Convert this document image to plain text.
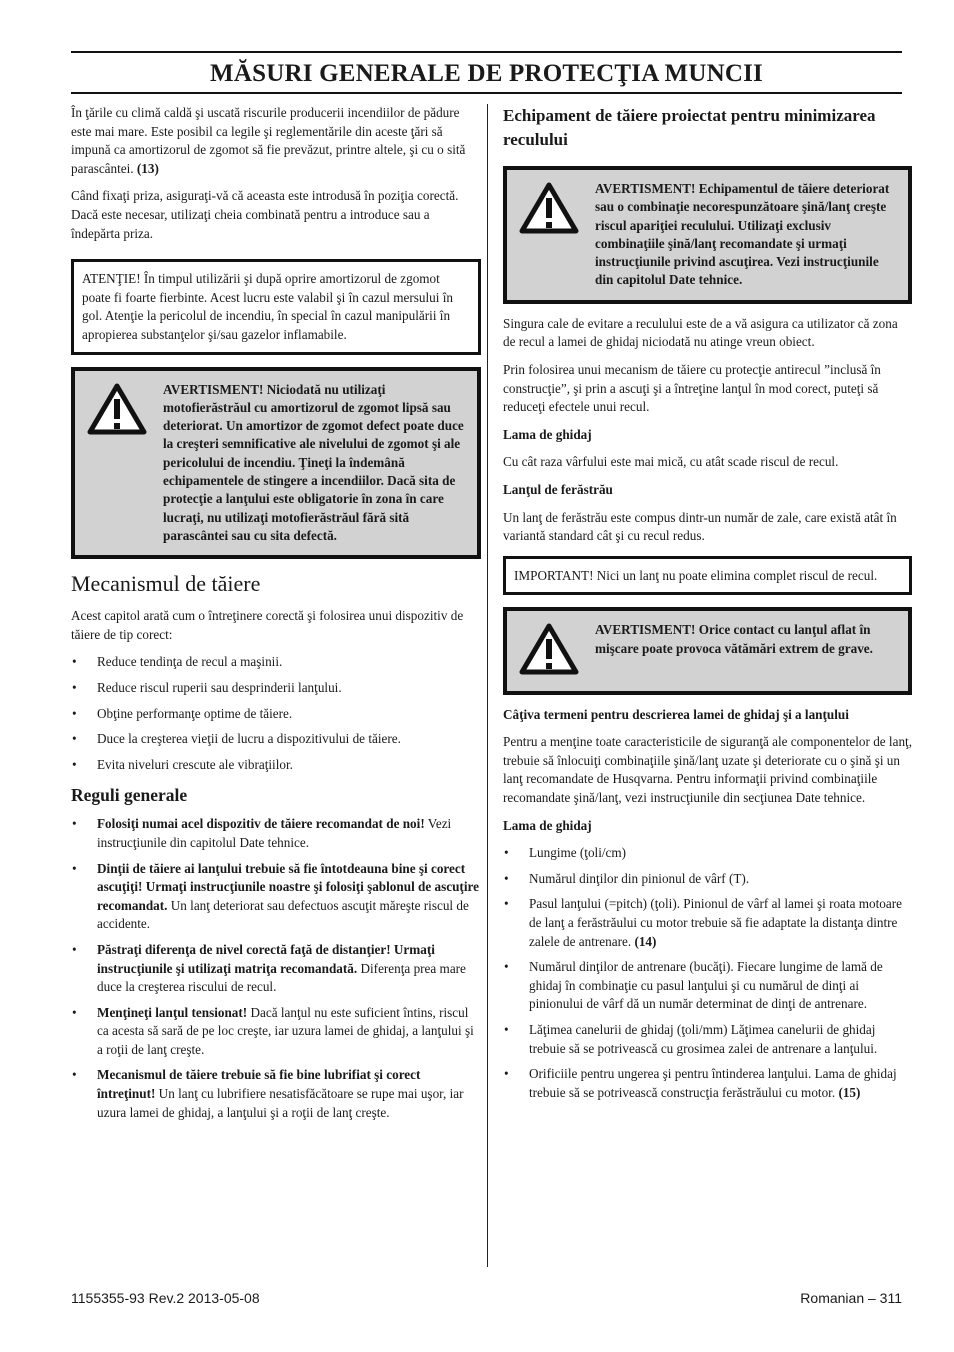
MĂSURI GENERALE DE PROTECŢIA MUNCII

În ţările cu climă caldă şi uscată riscurile producerii incendiilor de pădure este mai mare. Este posibil ca legile şi reglementările din aceste ţări să impună ca amortizorul de zgomot să fie prevăzut, printre altele, şi cu o sită parascântei. (13)

Când fixaţi priza, asiguraţi-vă că aceasta este introdusă în poziţia corectă. Dacă este necesar, utilizaţi cheia combinată pentru a introduce sau a îndepărta priza.

ATENŢIE! În timpul utilizării şi după oprire amortizorul de zgomot poate fi foarte fierbinte. Acest lucru este valabil şi în cazul mersului în gol. Atenţie la pericolul de incendiu, în special în cazul manipulării în apropierea substanţelor şi/sau gazelor inflamabile.
AVERTISMENT! Niciodată nu utilizaţi motofierăstrăul cu amortizorul de zgomot lipsă sau deteriorat. Un amortizor de zgomot defect poate duce la creşteri semnificative ale nivelului de zgomot şi ale pericolului de incendiu. Ţineţi la îndemână echipamentele de stingere a incendiilor. Dacă sita de protecţie a lanţului este obligatorie în zona în care lucraţi, nu utilizaţi motofierăstrăul fără sită parascântei sau cu sita defectă.
Mecanismul de tăiere

Acest capitol arată cum o întreţinere corectă şi folosirea unui dispozitiv de tăiere de tip corect:

• Reduce tendinţa de recul a maşinii.
• Reduce riscul ruperii sau desprinderii lanţului.
• Obţine performanţe optime de tăiere.
• Duce la creşterea vieţii de lucru a dispozitivului de tăiere.
• Evita niveluri crescute ale vibraţiilor.
Reguli generale
• Folosiţi numai acel dispozitiv de tăiere recomandat de noi! Vezi instrucţiunile din capitolul Date tehnice.
• Dinţii de tăiere ai lanţului trebuie să fie întotdeauna bine şi corect ascuţiţi! Urmaţi instrucţiunile noastre şi folosiţi şablonul de ascuţire recomandat. Un lanţ deteriorat sau defectuos ascuţit măreşte riscul de accidente.
• Păstraţi diferenţa de nivel corectă faţă de distanţier! Urmaţi instrucţiunile şi utilizaţi matriţa recomandată. Diferenţa prea mare duce la creşterea riscului de recul.
• Menţineţi lanţul tensionat! Dacă lanţul nu este suficient întins, riscul ca acesta să sară de pe loc creşte, iar uzura lamei de ghidaj, a lanţului şi a roţii de lanţ creşte.
• Mecanismul de tăiere trebuie să fie bine lubrifiat şi corect întreţinut! Un lanţ cu lubrifiere nesatisfăcătoare se rupe mai uşor, iar uzura lamei de ghidaj, a lanţului şi a roţii de lanţ creşte.
Echipament de tăiere proiectat pentru minimizarea reculului
AVERTISMENT! Echipamentul de tăiere deteriorat sau o combinaţie necorespunzătoare şină/lanţ creşte riscul apariţiei reculului. Utilizaţi exclusiv combinaţiile şină/lanţ recomandate şi urmaţi instrucţiunile privind ascuţirea. Vezi instrucţiunile din capitolul Date tehnice.

Singura cale de evitare a reculului este de a vă asigura ca utilizator că zona de recul a lamei de ghidaj niciodată nu atinge vreun obiect.

Prin folosirea unui mecanism de tăiere cu protecţie antirecul ”inclusă în construcţie”, şi prin a ascuţi şi a întreţine lanţul în mod corect, puteţi să reduceţi efectele unui recul.

Lama de ghidaj

Cu cât raza vârfului este mai mică, cu atât scade riscul de recul.

Lanţul de ferăstrău

Un lanţ de ferăstrău este compus dintr-un număr de zale, care există atât în variantă standard cât şi cu recul redus.

IMPORTANT! Nici un lanţ nu poate elimina complet riscul de recul.
AVERTISMENT! Orice contact cu lanţul aflat în mişcare poate provoca vătămări extrem de grave.
Câţiva termeni pentru descrierea lamei de ghidaj şi a lanţului

Pentru a menţine toate caracteristicile de siguranţă ale componentelor de lanţ, trebuie să înlocuiţi combinaţiile şină/lanţ uzate şi deteriorate cu o şină şi un lanţ recomandate de Husqvarna. Pentru informaţii privind combinaţiile recomandate şină/lanţ, vezi instrucţiunile din secţiunea Date tehnice.

Lama de ghidaj
• Lungime (ţoli/cm)
• Numărul dinţilor din pinionul de vârf (T).
• Pasul lanţului (=pitch) (ţoli). Pinionul de vârf al lamei şi roata motoare de lanţ a ferăstrăului cu motor trebuie să fie adaptate la distanţa dintre zalele de antrenare. (14)
• Numărul dinţilor de antrenare (bucăţi). Fiecare lungime de lamă de ghidaj în combinaţie cu pasul lanţului şi cu numărul de dinţi ai pinionului de vârf dă un număr determinat de dinţi de antrenare.
• Lăţimea canelurii de ghidaj (ţoli/mm) Lăţimea canelurii de ghidaj trebuie să se potrivească cu grosimea zalei de antrenare a lanţului.
• Orificiile pentru ungerea şi pentru întinderea lanţului. Lama de ghidaj trebuie să se potrivească construcţia ferăstrăului cu motor. (15)
1155355-93 Rev.2 2013-05-08	Romanian – 311
